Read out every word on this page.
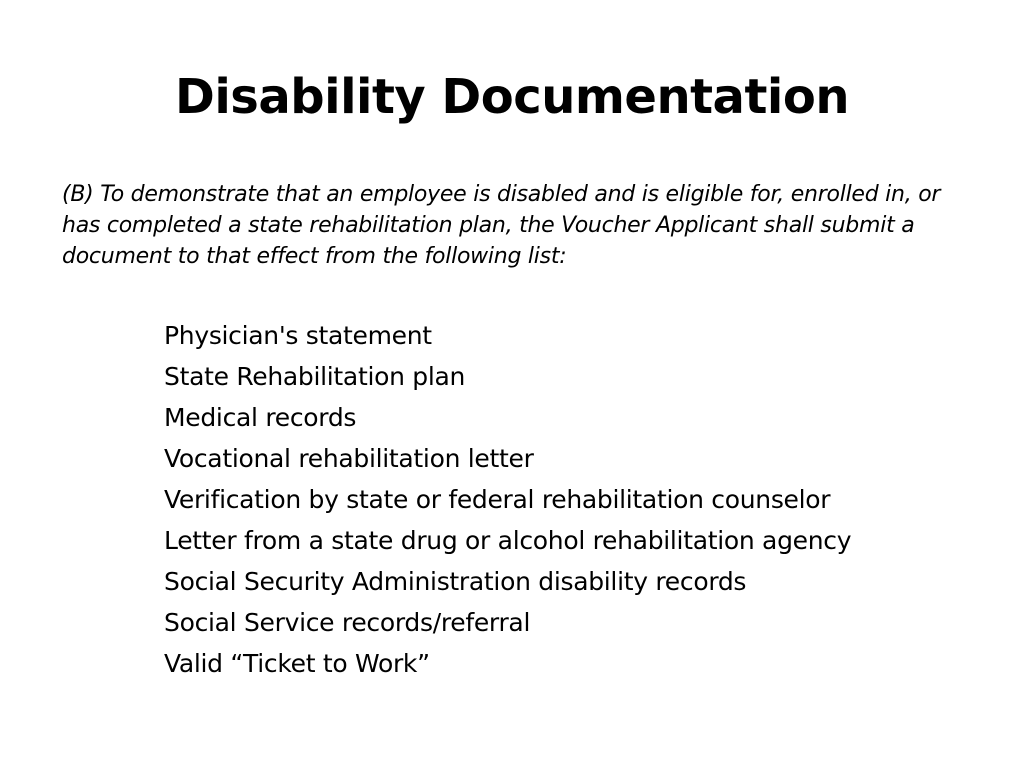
Disability Documentation

(B) To demonstrate that an employee is disabled and is eligible for, enrolled in, or has completed a state rehabilitation plan, the Voucher Applicant shall submit a document to that effect from the following list:

Physician's statement
State Rehabilitation plan
Medical records
Vocational rehabilitation letter
Verification by state or federal rehabilitation counselor
Letter from a state drug or alcohol rehabilitation agency
Social Security Administration disability records
Social Service records/referral
Valid “Ticket to Work”
